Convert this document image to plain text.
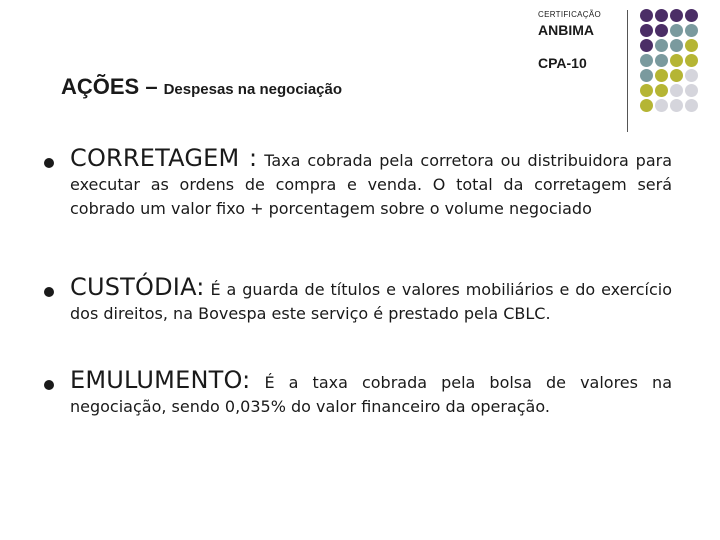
CERTIFICAÇÃO
ANBIMA
CPA-10
AÇÕES – Despesas na negociação
CORRETAGEM : Taxa cobrada pela corretora ou distribuidora para executar as ordens de compra e venda. O total da corretagem será cobrado um valor fixo + porcentagem sobre o volume negociado
CUSTÓDIA: É a guarda de títulos e valores mobiliários e do exercício dos direitos, na Bovespa este serviço é prestado pela CBLC.
EMULUMENTO: É a taxa cobrada pela bolsa de valores na negociação, sendo 0,035% do valor financeiro da operação.
